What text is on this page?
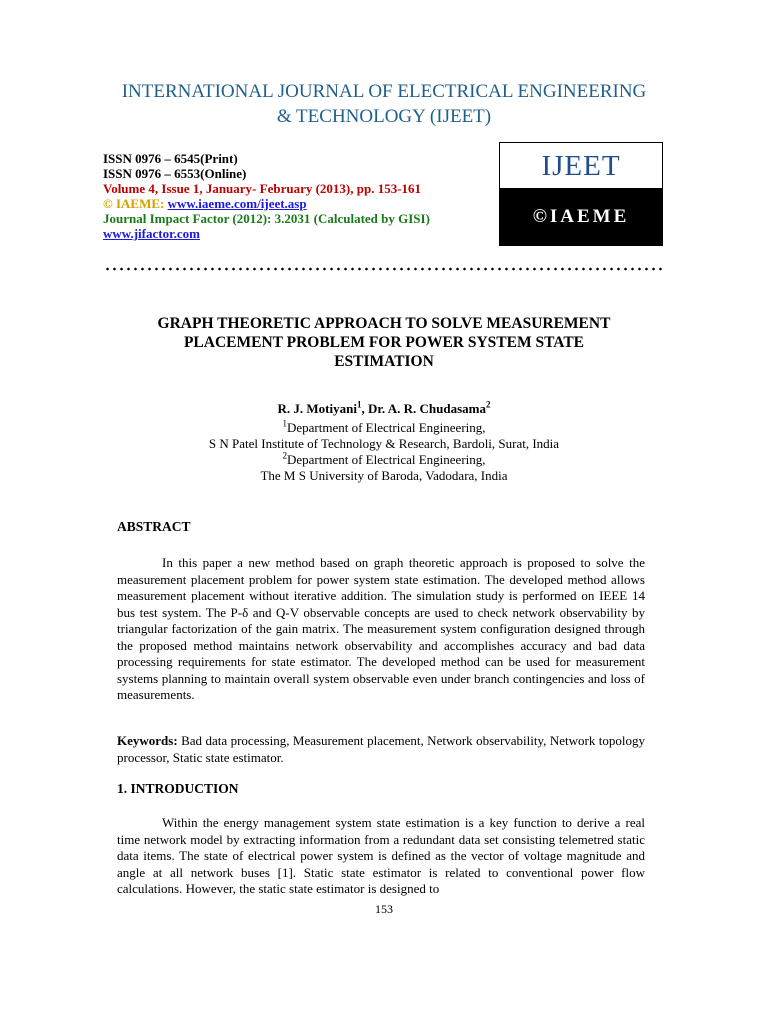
INTERNATIONAL JOURNAL OF ELECTRICAL ENGINEERING
& TECHNOLOGY (IJEET)
ISSN 0976 – 6545(Print)
ISSN 0976 – 6553(Online)
Volume 4, Issue 1, January- February (2013), pp. 153-161
© IAEME: www.iaeme.com/ijeet.asp
Journal Impact Factor (2012): 3.2031 (Calculated by GISI)
www.jifactor.com
IJEET
©IAEME
GRAPH THEORETIC APPROACH TO SOLVE MEASUREMENT
PLACEMENT PROBLEM FOR POWER SYSTEM STATE
ESTIMATION
R. J. Motiyani$^1$, Dr. A. R. Chudasama$^2$
$^1$Department of Electrical Engineering,
S N Patel Institute of Technology & Research, Bardoli, Surat, India
$^2$Department of Electrical Engineering,
The M S University of Baroda, Vadodara, India
ABSTRACT
In this paper a new method based on graph theoretic approach is proposed to solve the measurement placement problem for power system state estimation. The developed method allows measurement placement without iterative addition. The simulation study is performed on IEEE 14 bus test system. The P-δ and Q-V observable concepts are used to check network observability by triangular factorization of the gain matrix. The measurement system configuration designed through the proposed method maintains network observability and accomplishes accuracy and bad data processing requirements for state estimator. The developed method can be used for measurement systems planning to maintain overall system observable even under branch contingencies and loss of measurements.
Keywords: Bad data processing, Measurement placement, Network observability, Network topology processor, Static state estimator.
1. INTRODUCTION
Within the energy management system state estimation is a key function to derive a real time network model by extracting information from a redundant data set consisting telemetred static data items. The state of electrical power system is defined as the vector of voltage magnitude and angle at all network buses [1]. Static state estimator is related to conventional power flow calculations. However, the static state estimator is designed to
153
